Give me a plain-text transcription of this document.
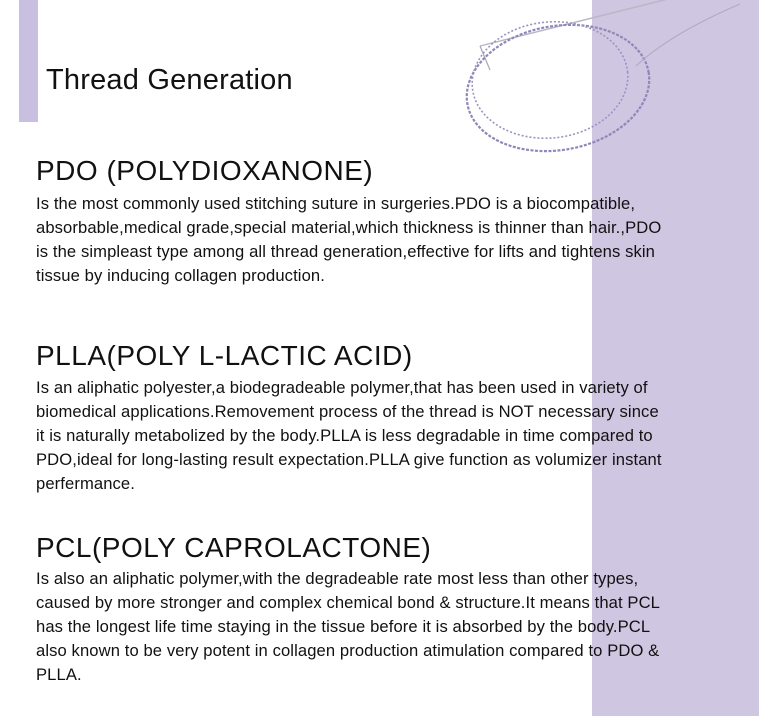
Thread Generation
PDO (POLYDIOXANONE)

Is the most commonly used stitching suture in surgeries.PDO is a biocompatible,
absorbable,medical grade,special material,which thickness is thinner than hair.,PDO
is the simpleast type among all thread generation,effective for lifts and tightens skin
tissue by inducing collagen production.

PLLA(POLY L-LACTIC ACID)

Is an aliphatic polyester,a biodegradeable polymer,that has been used in variety of
biomedical applications.Removement process of the thread is NOT necessary since
it is naturally metabolized by the body.PLLA is less degradable in time compared to
PDO,ideal for long-lasting result expectation.PLLA give function as volumizer instant
perfermance.

PCL(POLY CAPROLACTONE)

Is also an aliphatic polymer,with the degradeable rate most less than other types,
caused by more stronger and complex chemical bond & structure.It means that PCL
has the longest life time staying in the tissue before it is absorbed by the body.PCL
also known to be very potent in collagen production atimulation compared to PDO &
PLLA.
